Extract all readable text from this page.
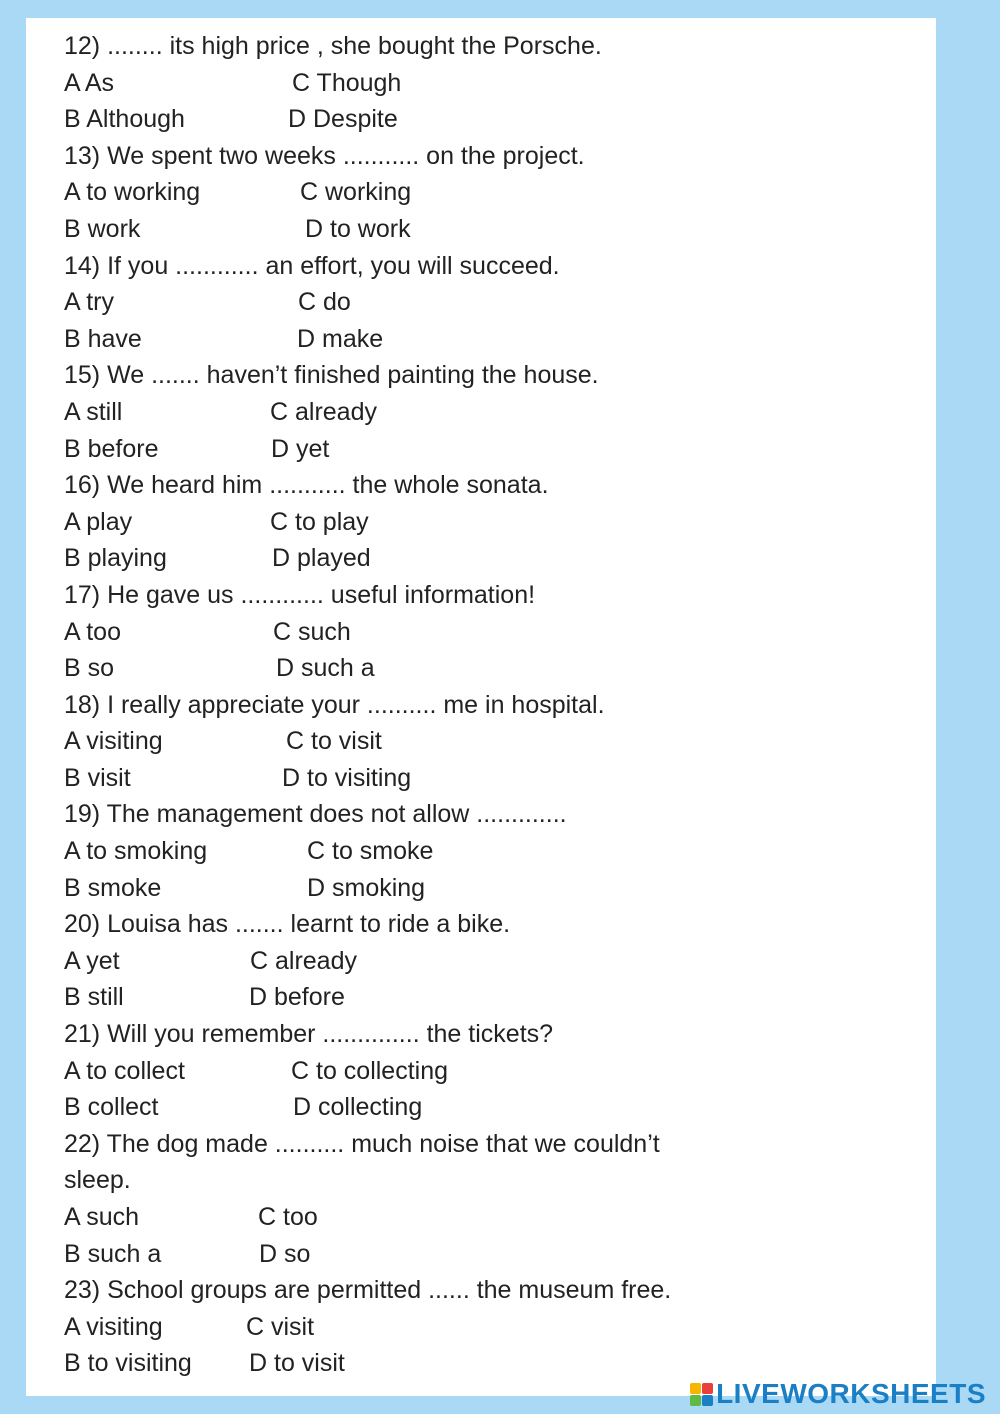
12) ........ its high price , she bought the Porsche.
A As	C Though
B Although	D Despite
13) We spent two weeks ........... on the project.
A to working	C working
B work	D to work
14) If you ............ an effort, you will succeed.
A try	C do
B have	D make
15) We ....... haven’t finished painting the house.
A still	C already
B before	D yet
16) We heard him ........... the whole sonata.
A play	C to play
B playing	D played
17) He gave us ............ useful information!
A too	C such
B so	D such a
18) I really appreciate your .......... me in hospital.
A visiting	C to visit
B visit	D to visiting
19) The management does not allow .............
A to smoking	C to smoke
B smoke	D smoking
20) Louisa has ....... learnt to ride a bike.
A yet	C already
B still	D before
21) Will you remember .............. the tickets?
A to collect	C to collecting
B collect	D collecting
22) The dog made .......... much noise that we couldn’t
sleep.
A such	C too
B such a	D so
23) School groups are permitted ...... the museum free.
A visiting	C visit
B to visiting D to visit
LIVEWORKSHEETS
